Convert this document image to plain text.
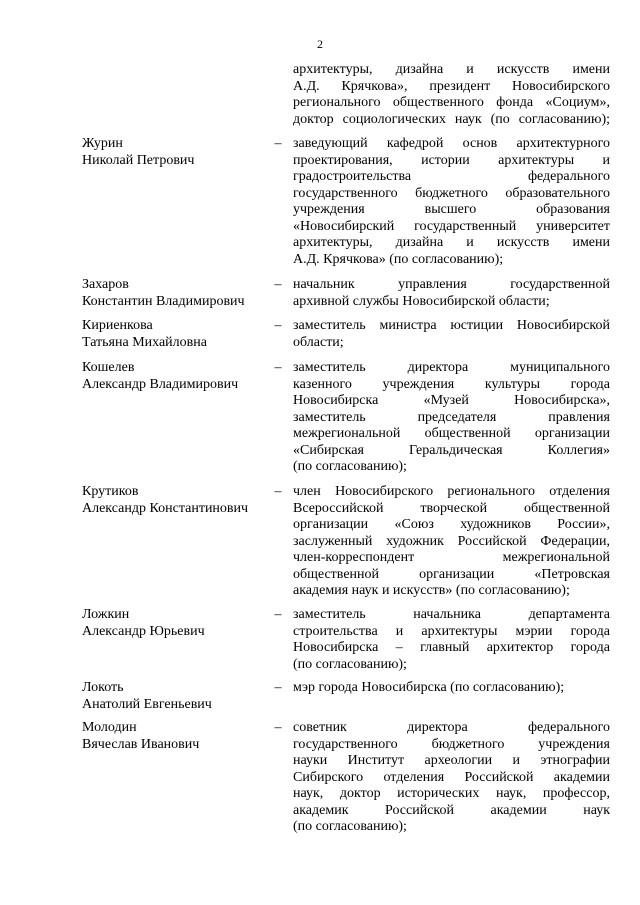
2
архитектуры, дизайна и искусств имени
А.Д. Крячкова», президент Новосибирского
регионального общественного фонда «Социум»,
доктор социологических наук (по согласованию);
Журин
Николай Петрович
– заведующий кафедрой основ архитектурного
проектирования, истории архитектуры и
градостроительства федерального
государственного бюджетного образовательного
учреждения высшего образования
«Новосибирский государственный университет
архитектуры, дизайна и искусств имени
А.Д. Крячкова» (по согласованию);
Захаров
Константин Владимирович
– начальник управления государственной
архивной службы Новосибирской области;
Кириенкова
Татьяна Михайловна
– заместитель министра юстиции Новосибирской
области;
Кошелев
Александр Владимирович
– заместитель директора муниципального
казенного учреждения культуры города
Новосибирска «Музей Новосибирска»,
заместитель председателя правления
межрегиональной общественной организации
«Сибирская Геральдическая Коллегия»
(по согласованию);
Крутиков
Александр Константинович
– член Новосибирского регионального отделения
Всероссийской творческой общественной
организации «Союз художников России»,
заслуженный художник Российской Федерации,
член-корреспондент межрегиональной
общественной организации «Петровская
академия наук и искусств» (по согласованию);
Ложкин
Александр Юрьевич
– заместитель начальника департамента
строительства и архитектуры мэрии города
Новосибирска – главный архитектор города
(по согласованию);
Локоть
Анатолий Евгеньевич
– мэр города Новосибирска (по согласованию);
Молодин
Вячеслав Иванович
– советник директора федерального
государственного бюджетного учреждения
науки Институт археологии и этнографии
Сибирского отделения Российской академии
наук, доктор исторических наук, профессор,
академик Российской академии наук
(по согласованию);
